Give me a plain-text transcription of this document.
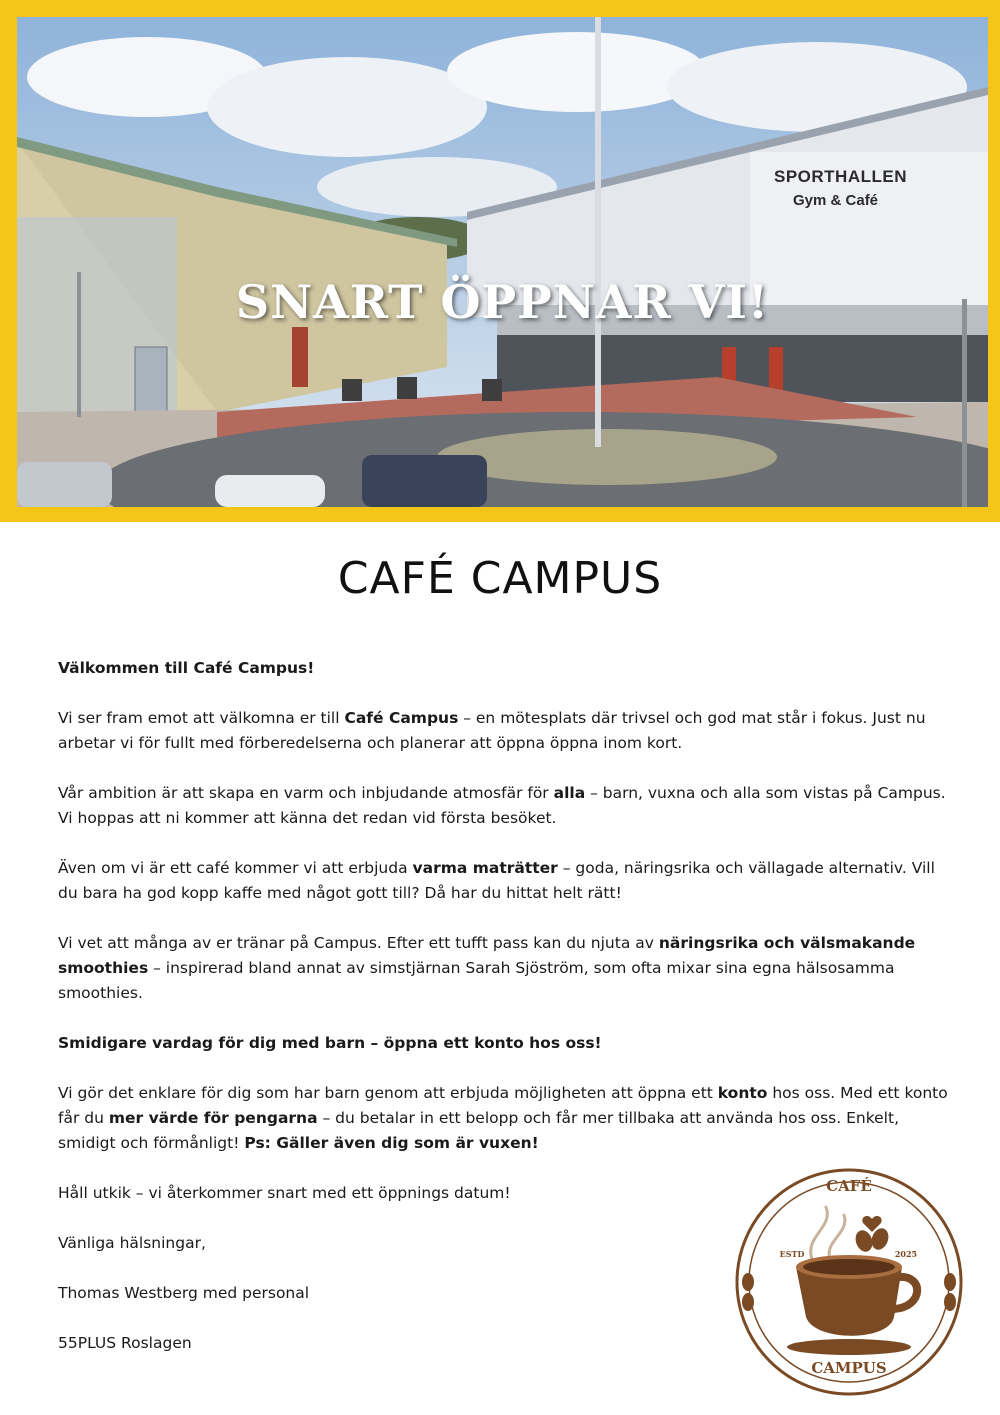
SPORTHALLEN
Gym & Café
SNART ÖPPNAR VI!
CAFÉ CAMPUS

Välkommen till Café Campus!

Vi ser fram emot att välkomna er till Café Campus – en mötesplats där trivsel och god mat står i fokus. Just nu arbetar vi för fullt med förberedelserna och planerar att öppna öppna inom kort.

Vår ambition är att skapa en varm och inbjudande atmosfär för alla – barn, vuxna och alla som vistas på Campus. Vi hoppas att ni kommer att känna det redan vid första besöket.

Även om vi är ett café kommer vi att erbjuda varma maträtter – goda, näringsrika och vällagade alternativ. Vill du bara ha god kopp kaffe med något gott till? Då har du hittat helt rätt!

Vi vet att många av er tränar på Campus. Efter ett tufft pass kan du njuta av näringsrika och välsmakande smoothies – inspirerad bland annat av simstjärnan Sarah Sjöström, som ofta mixar sina egna hälsosamma smoothies.

Smidigare vardag för dig med barn – öppna ett konto hos oss!

Vi gör det enklare för dig som har barn genom att erbjuda möjligheten att öppna ett konto hos oss. Med ett konto får du mer värde för pengarna – du betalar in ett belopp och får mer tillbaka att använda hos oss. Enkelt, smidigt och förmånligt! Ps: Gäller även dig som är vuxen!

Håll utkik – vi återkommer snart med ett öppnings datum!

Vänliga hälsningar,

Thomas Westberg med personal

55PLUS Roslagen

CAFÉ
ESTD	2025
CAMPUS
